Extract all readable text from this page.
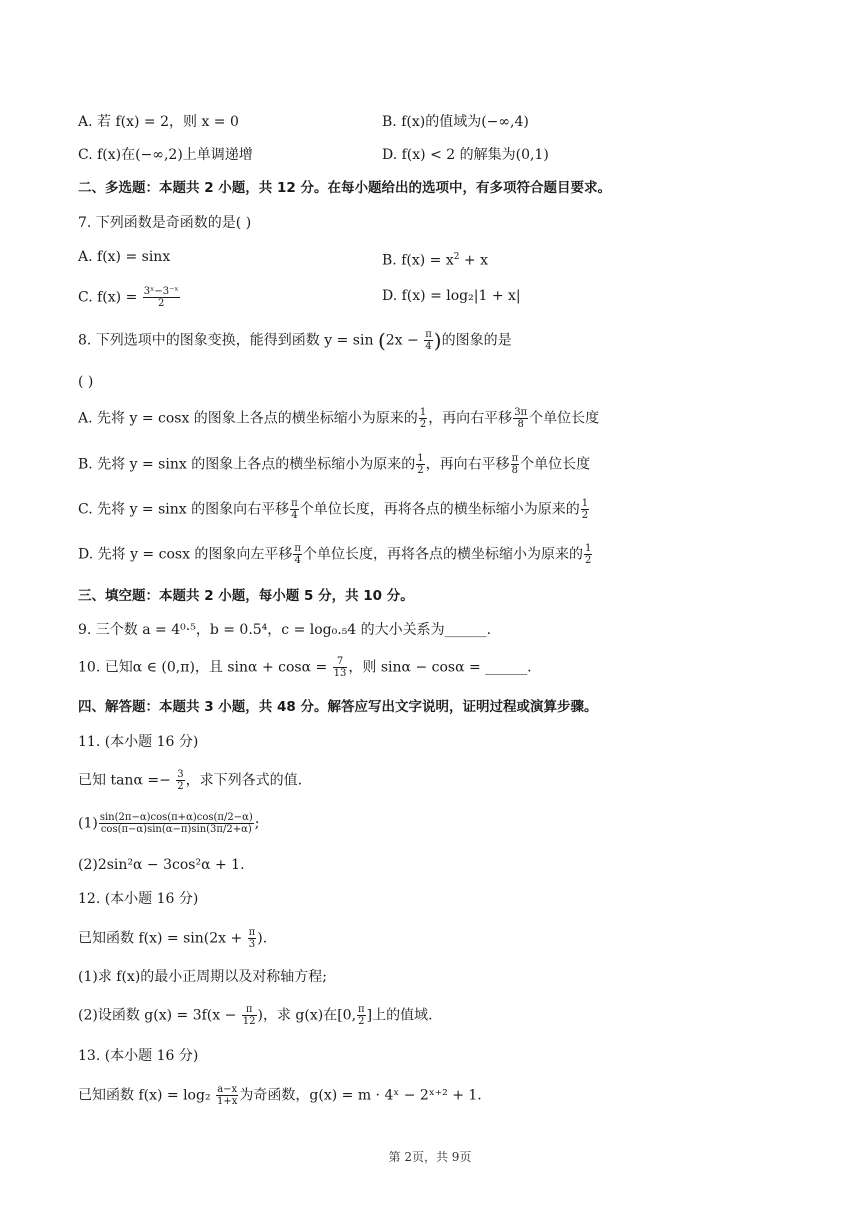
A. 若 f(x) = 2，则 x = 0	B. f(x)的值域为(−∞,4)
C. f(x)在(−∞,2)上单调递增	D. f(x) < 2 的解集为(0,1)
二、多选题：本题共 2 小题，共 12 分。在每小题给出的选项中，有多项符合题目要求。
7. 下列函数是奇函数的是( )
A. f(x) = sinx	B. $f(x) = x^2 + x$
C. $f(x) = \frac{\text{3ˣ−3⁻ˣ}}{2}$	D. f(x) = log₂|1 + x|
8. 下列选项中的图象变换，能得到函数 $y = \sin (2x - \frac{\pi}{4}$ )的图象的是
( )
A. 先将 y = cosx 的图象上各点的横坐标缩小为原来的 $\frac{1}{2}$ ，再向右平移 $\frac{3\pi}{8}$ 个单位长度
B. 先将 y = sinx 的图象上各点的横坐标缩小为原来的 $\frac{1}{2}$ ，再向右平移 $\frac{\pi}{8}$ 个单位长度
C. 先将 y = sinx 的图象向右平移 $\frac{\pi}{4}$ 个单位长度，再将各点的横坐标缩小为原来的 $\frac{1}{2}$
D. 先将 y = cosx 的图象向左平移 $\frac{\pi}{4}$ 个单位长度，再将各点的横坐标缩小为原来的 $\frac{1}{2}$
三、填空题：本题共 2 小题，每小题 5 分，共 10 分。
9. 三个数 a = 4⁰·⁵，b = 0.5⁴，c = log₀.₅4 的大小关系为______.
10. 已知α ∈ (0,π)，且 $\sin\alpha + \cos\alpha = \frac{7}{13}$ ，则 sinα − cosα = ______.
四、解答题：本题共 3 小题，共 48 分。解答应写出文字说明，证明过程或演算步骤。
11. (本小题 16 分)
已知 $\tan\alpha =- \frac{3}{2}$ ，求下列各式的值.
$(1) \frac{\sin(2\pi-\alpha)\cos(\pi+\alpha)\cos(\pi/2-\alpha)}{\cos(\pi-\alpha)\sin(\alpha-\pi)\sin(3\pi/2+\alpha)}$ ;
(2)2sin²α − 3cos²α + 1.
12. (本小题 16 分)
已知函数 $f(x) = \sin(2x + \frac{\pi}{3}$ ).
(1)求 f(x)的最小正周期以及对称轴方程;
(2)设函数 $g(x) = 3f(x - \frac{\pi}{12}$ )，求 g(x)在[0, $\frac{\pi}{2}$ ]上的值域.
13. (本小题 16 分)
已知函数 $f(x) = \log_2 \frac{a-x}{1+x}$ 为奇函数，g(x) = m · 4ˣ − 2ˣ⁺² + 1.
第 2页，共 9页
